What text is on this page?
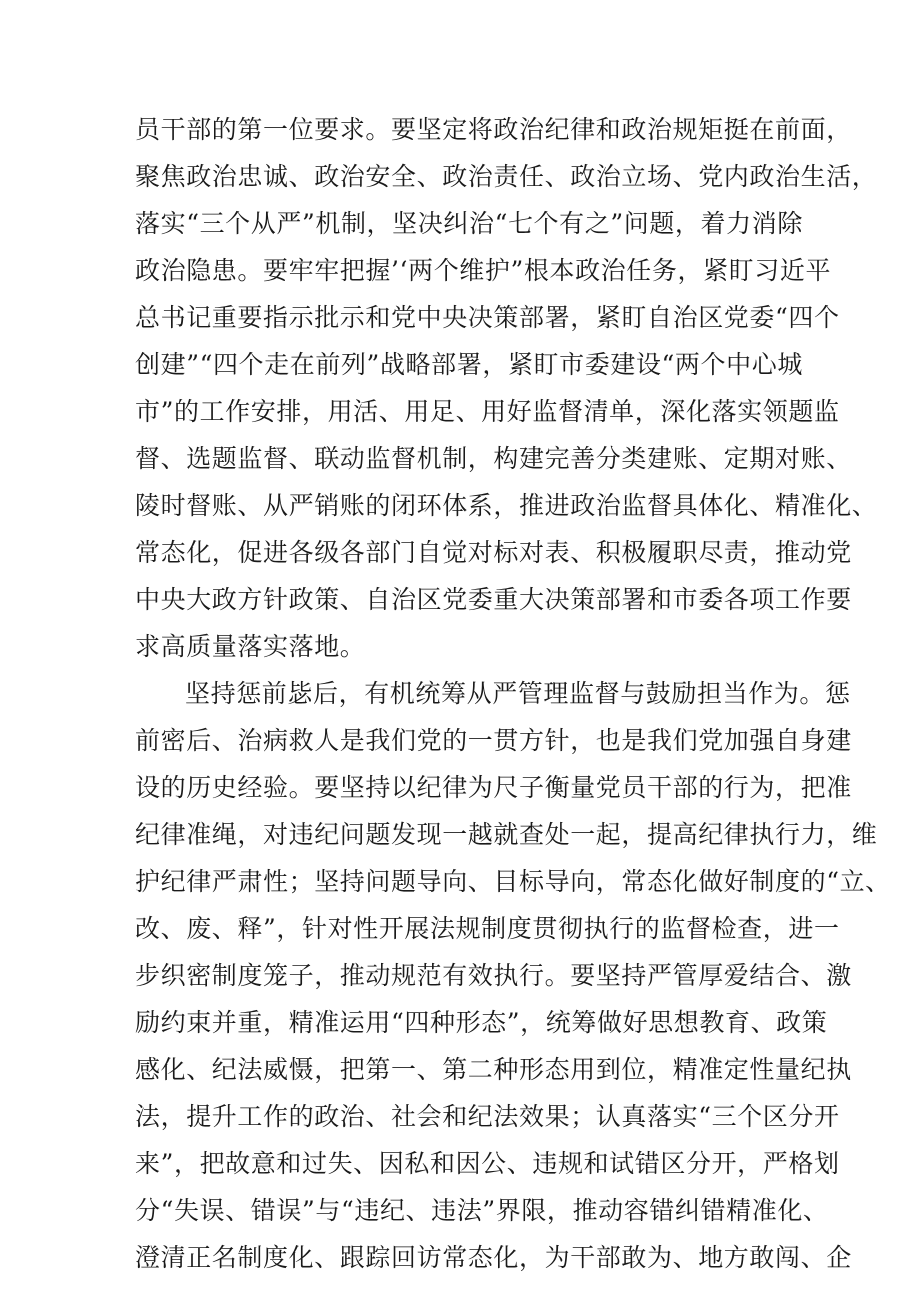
员干部的第一位要求。要坚定将政治纪律和政治规矩挺在前面，
聚焦政治忠诚、政治安全、政治责任、政治立场、党内政治生活，
落实“三个从严”机制，坚决纠治“七个有之”问题，着力消除
政治隐患。要牢牢把握’‘两个维护”根本政治任务，紧盯习近平
总书记重要指示批示和党中央决策部署，紧盯自治区党委“四个
创建”“四个走在前列”战略部署，紧盯市委建设“两个中心城
市”的工作安排，用活、用足、用好监督清单，深化落实领题监
督、选题监督、联动监督机制，构建完善分类建账、定期对账、
陵时督账、从严销账的闭环体系，推进政治监督具体化、精准化、
常态化，促进各级各部门自觉对标对表、积极履职尽责，推动党
中央大政方针政策、自治区党委重大决策部署和市委各项工作要
求高质量落实落地。
坚持惩前毖后，有机统筹从严管理监督与鼓励担当作为。惩
前密后、治病救人是我们党的一贯方针，也是我们党加强自身建
设的历史经验。要坚持以纪律为尺子衡量党员干部的行为，把准
纪律准绳，对违纪问题发现一越就查处一起，提高纪律执行力，维
护纪律严肃性；坚持问题导向、目标导向，常态化做好制度的“立、
改、废、释”，针对性开展法规制度贯彻执行的监督检查，进一
步织密制度笼子，推动规范有效执行。要坚持严管厚爱结合、激
励约束并重，精准运用“四种形态”，统筹做好思想教育、政策
感化、纪法威慑，把第一、第二种形态用到位，精准定性量纪执
法，提升工作的政治、社会和纪法效果；认真落实“三个区分开
来”，把故意和过失、因私和因公、违规和试错区分开，严格划
分“失误、错误”与“违纪、违法”界限，推动容错纠错精准化、
澄清正名制度化、跟踪回访常态化，为干部敢为、地方敢闯、企
